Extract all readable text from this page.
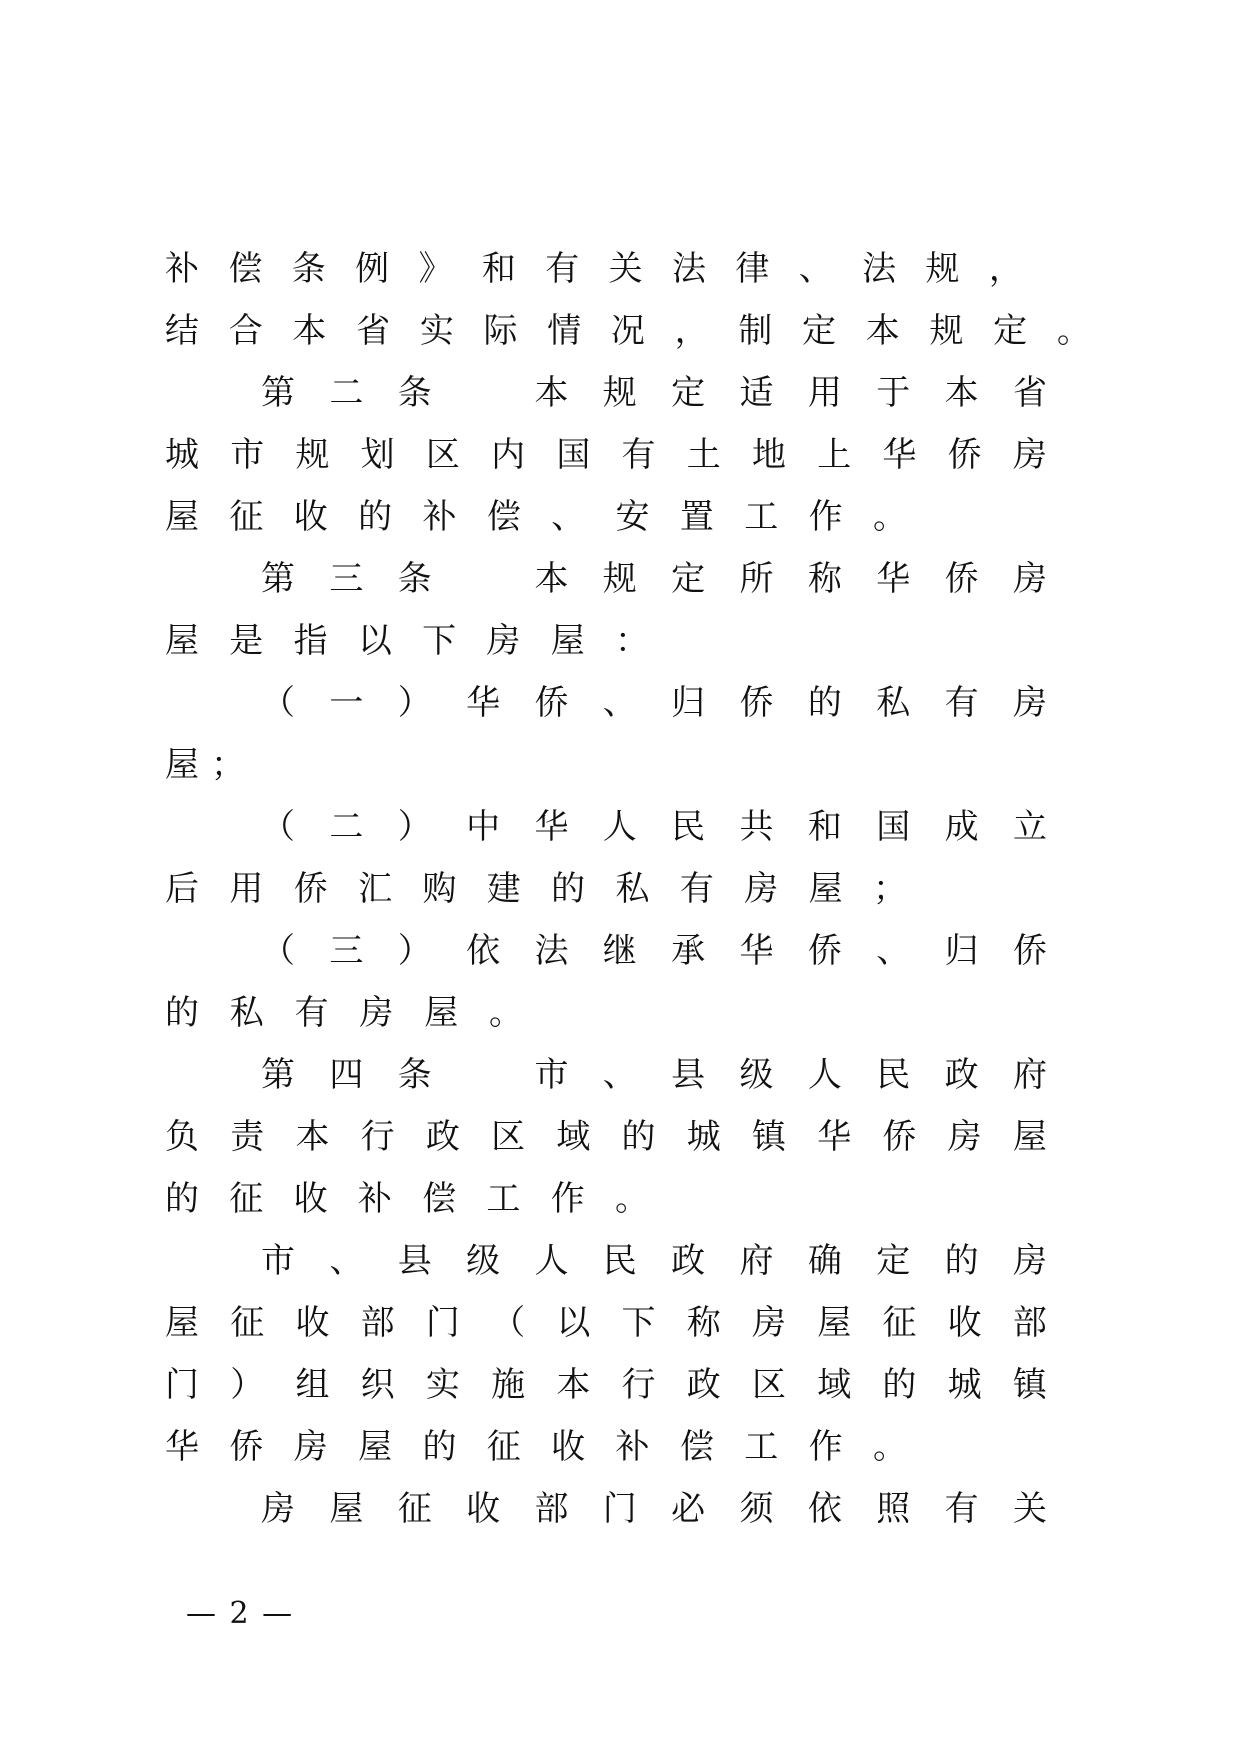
补 偿 条 例 》 和 有 关 法 律 、 法 规 ，
结 合 本 省 实 际 情 况 ， 制 定 本 规 定 。
第 二 条
	本 规 定 适 用 于 本 省
城 市 规 划 区 内 国 有 土 地 上 华 侨 房
屋 征 收 的 补 偿 、 安 置 工 作 。
第 三 条
	本 规 定 所 称 华 侨 房
屋 是 指 以 下 房 屋 ：
（ 一 ） 华 侨 、 归 侨 的 私 有 房
屋 ；
（ 二 ） 中 华 人 民 共 和 国 成 立
后 用 侨 汇 购 建 的 私 有 房 屋 ；
（ 三 ） 依 法 继 承 华 侨 、 归 侨
的 私 有 房 屋 。
第 四 条
	市 、 县 级 人 民 政 府
负 责 本 行 政 区 域 的 城 镇 华 侨 房 屋
的 征 收 补 偿 工 作 。
市 、 县 级 人 民 政 府 确 定 的 房
屋 征 收 部 门 （ 以 下 称 房 屋 征 收 部
门 ） 组 织 实 施 本 行 政 区 域 的 城 镇
华 侨 房 屋 的 征 收 补 偿 工 作 。
房 屋 征 收 部 门 必 须 依 照 有 关
— 2 —
